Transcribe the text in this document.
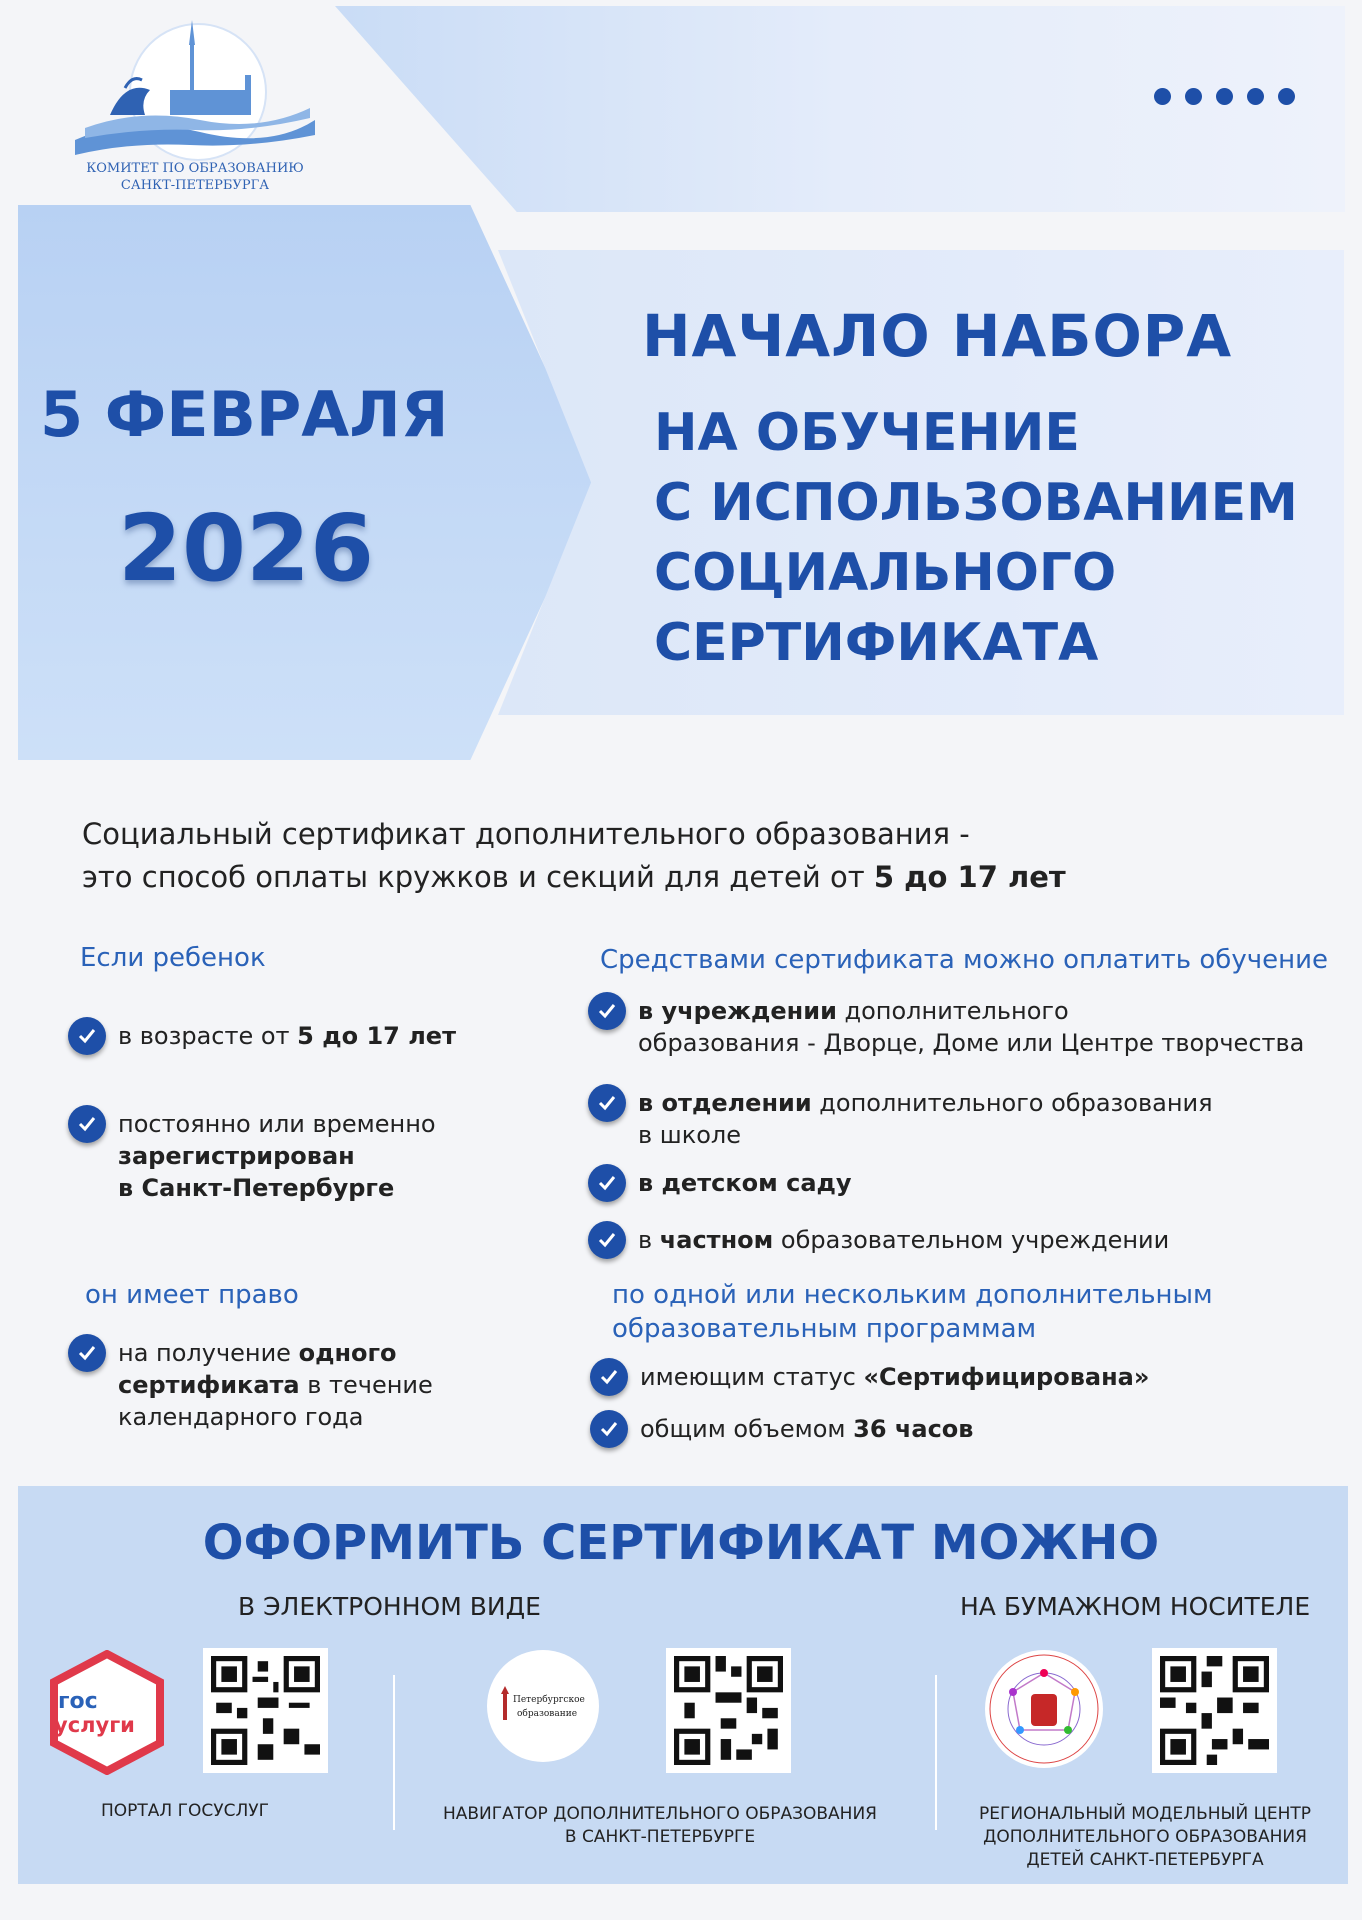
КОМИТЕТ ПО ОБРАЗОВАНИЮ
САНКТ-ПЕТЕРБУРГА
5 ФЕВРАЛЯ
2026
НАЧАЛО НАБОРА
НА ОБУЧЕНИЕ
С ИСПОЛЬЗОВАНИЕМ
СОЦИАЛЬНОГО
СЕРТИФИКАТА
Социальный сертификат дополнительного образования -
это способ оплаты кружков и секций для детей от 5 до 17 лет
Если ребенок
в возрасте от 5 до 17 лет
постоянно или временно
зарегистрирован
в Санкт-Петербурге
он имеет право
на получение одного
сертификата в течение
календарного года
Средствами сертификата можно оплатить обучение
в учреждении дополнительного
образования - Дворце, Доме или Центре творчества
в отделении дополнительного образования
в школе
в детском саду
в частном образовательном учреждении
по одной или нескольким дополнительным
образовательным программам
имеющим статус «Сертифицирована»
общим объемом 36 часов
ОФОРМИТЬ СЕРТИФИКАТ МОЖНО
В ЭЛЕКТРОННОМ ВИДЕ	НА БУМАЖНОМ НОСИТЕЛЕ
гос
услуги
ПОРТАЛ ГОСУСЛУГ
Петербургское
образование
НАВИГАТОР ДОПОЛНИТЕЛЬНОГО ОБРАЗОВАНИЯ
В САНКТ-ПЕТЕРБУРГЕ
РЕГИОНАЛЬНЫЙ МОДЕЛЬНЫЙ ЦЕНТР
ДОПОЛНИТЕЛЬНОГО ОБРАЗОВАНИЯ
ДЕТЕЙ САНКТ-ПЕТЕРБУРГА
